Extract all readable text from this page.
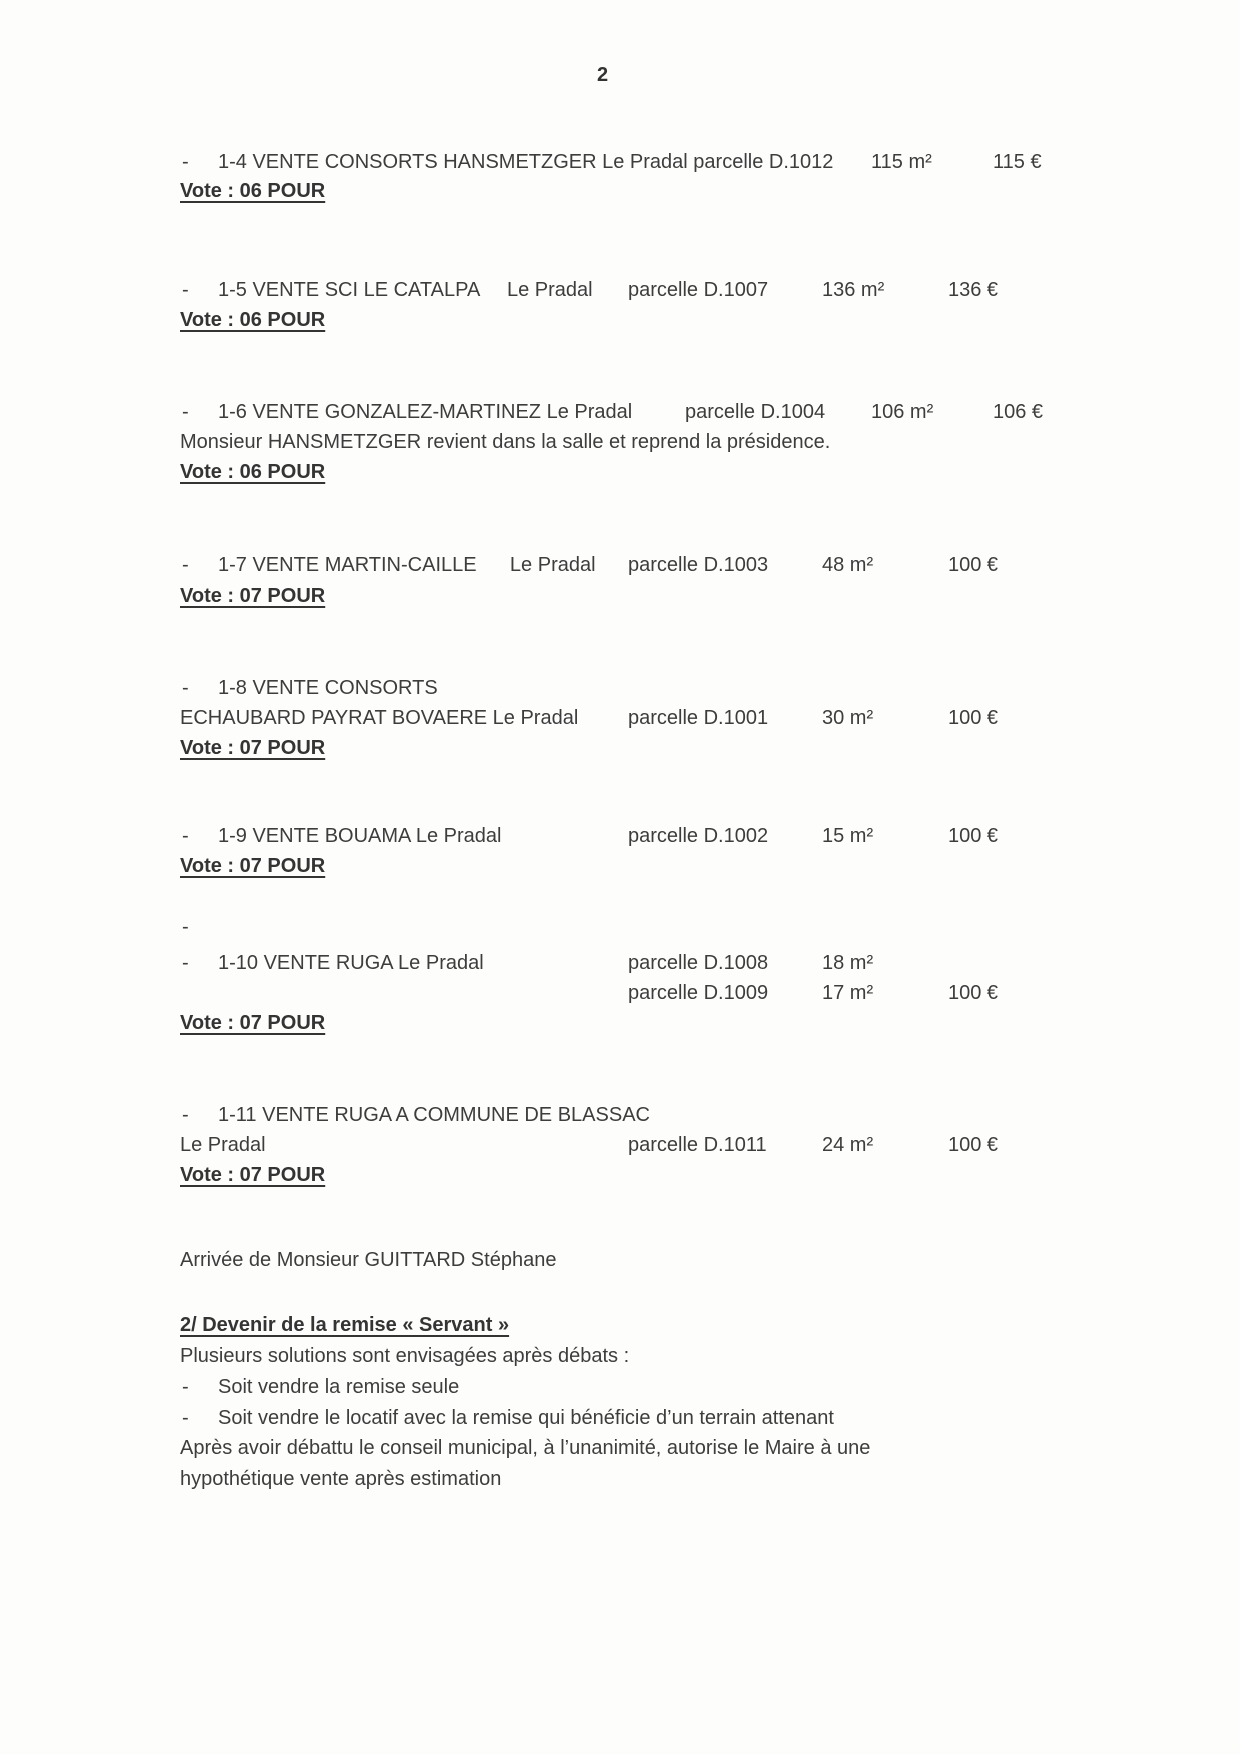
2
- 1-4 VENTE CONSORTS HANSMETZGER Le Pradal parcelle D.1012 115 m²	115 €
Vote : 06 POUR
- 1-5 VENTE SCI LE CATALPA     Le Pradal parcelle D.1007	136 m²	136 €
Vote : 06 POUR
- 1-6 VENTE GONZALEZ-MARTINEZ Le Pradal	parcelle D.1004 106 m²	106 €
Monsieur HANSMETZGER revient dans la salle et reprend la présidence.
Vote : 06 POUR
- 1-7 VENTE MARTIN-CAILLE      Le Pradal parcelle D.1003	48 m²	100 €
Vote : 07 POUR
- 1-8 VENTE CONSORTS
ECHAUBARD PAYRAT BOVAERE Le Pradal parcelle D.1001	30 m²	100 €
Vote : 07 POUR
- 1-9 VENTE BOUAMA Le Pradal	parcelle D.1002	15 m²	100 €
Vote : 07 POUR
-
- 1-10 VENTE RUGA Le Pradal	parcelle D.1008	18 m²
parcelle D.1009	17 m²	100 €
Vote : 07 POUR
- 1-11 VENTE RUGA A COMMUNE DE BLASSAC
Le Pradal	parcelle D.1011	24 m²	100 €
Vote : 07 POUR
Arrivée de Monsieur GUITTARD Stéphane
2/ Devenir de la remise « Servant »
Plusieurs solutions sont envisagées après débats :
- Soit vendre la remise seule
- Soit vendre le locatif avec la remise qui bénéficie d’un terrain attenant
Après avoir débattu le conseil municipal, à l’unanimité, autorise le Maire à une
hypothétique vente après estimation
